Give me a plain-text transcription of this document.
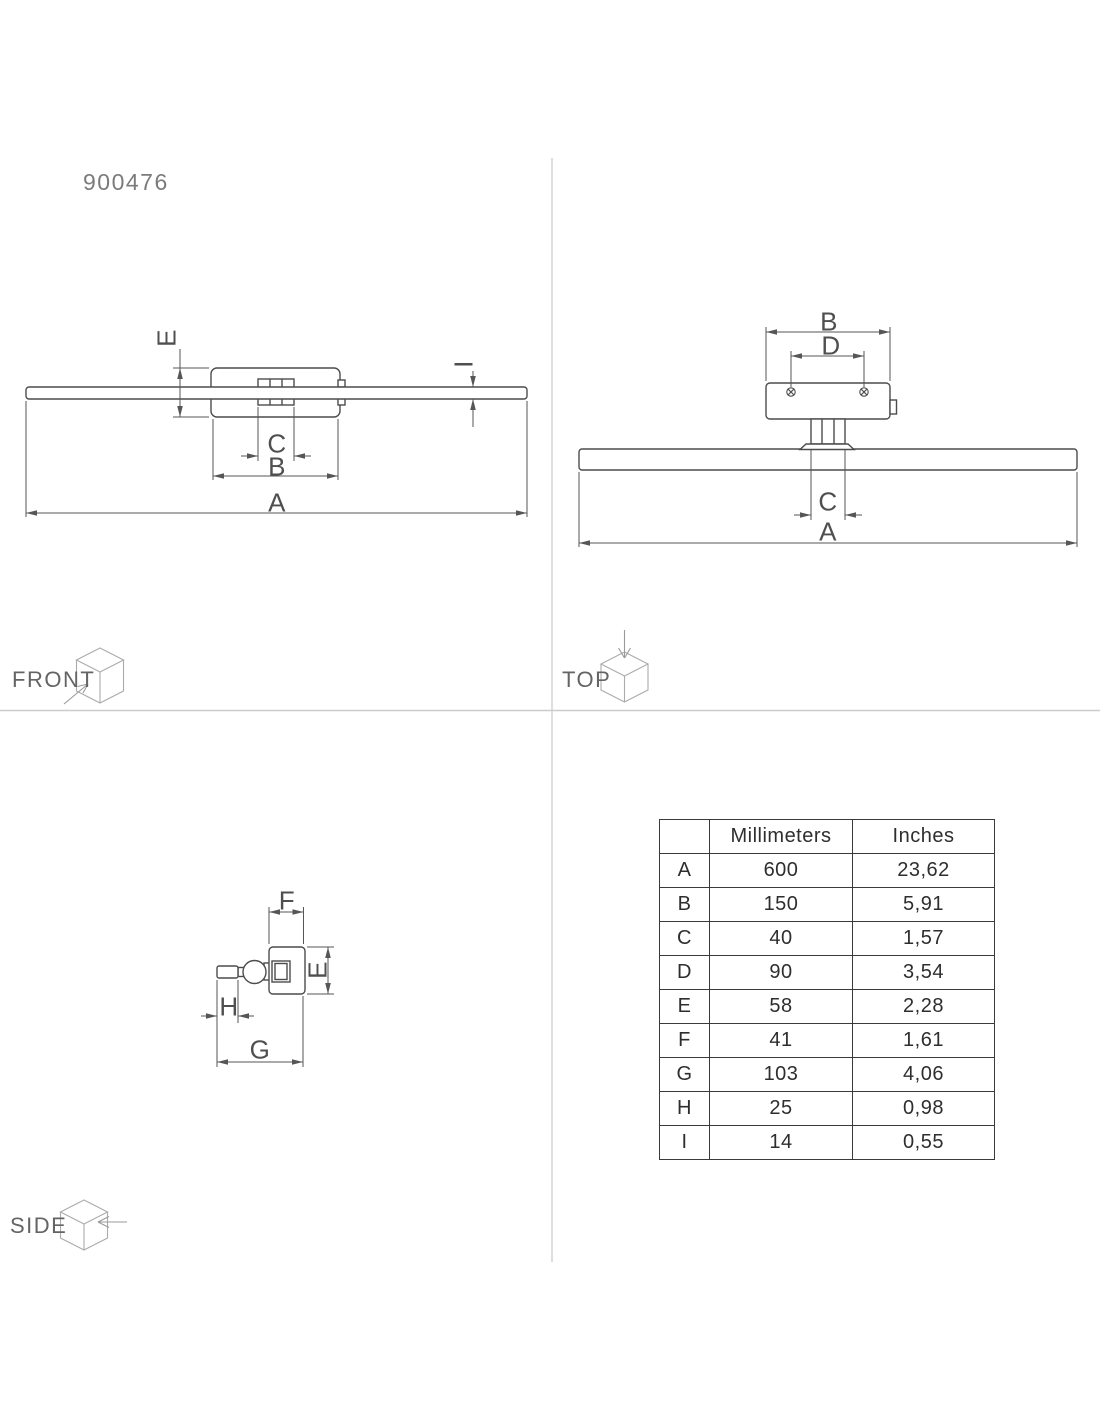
900476
FRONT	TOP
SIDE
E
I
C
B
A
B
D
C
A
F
E
H
G
	Millimeters	Inches
A	600	23,62
B	150	5,91
C	40	1,57
D	90	3,54
E	58	2,28
F	41	1,61
G	103	4,06
H	25	0,98
I	14	0,55
